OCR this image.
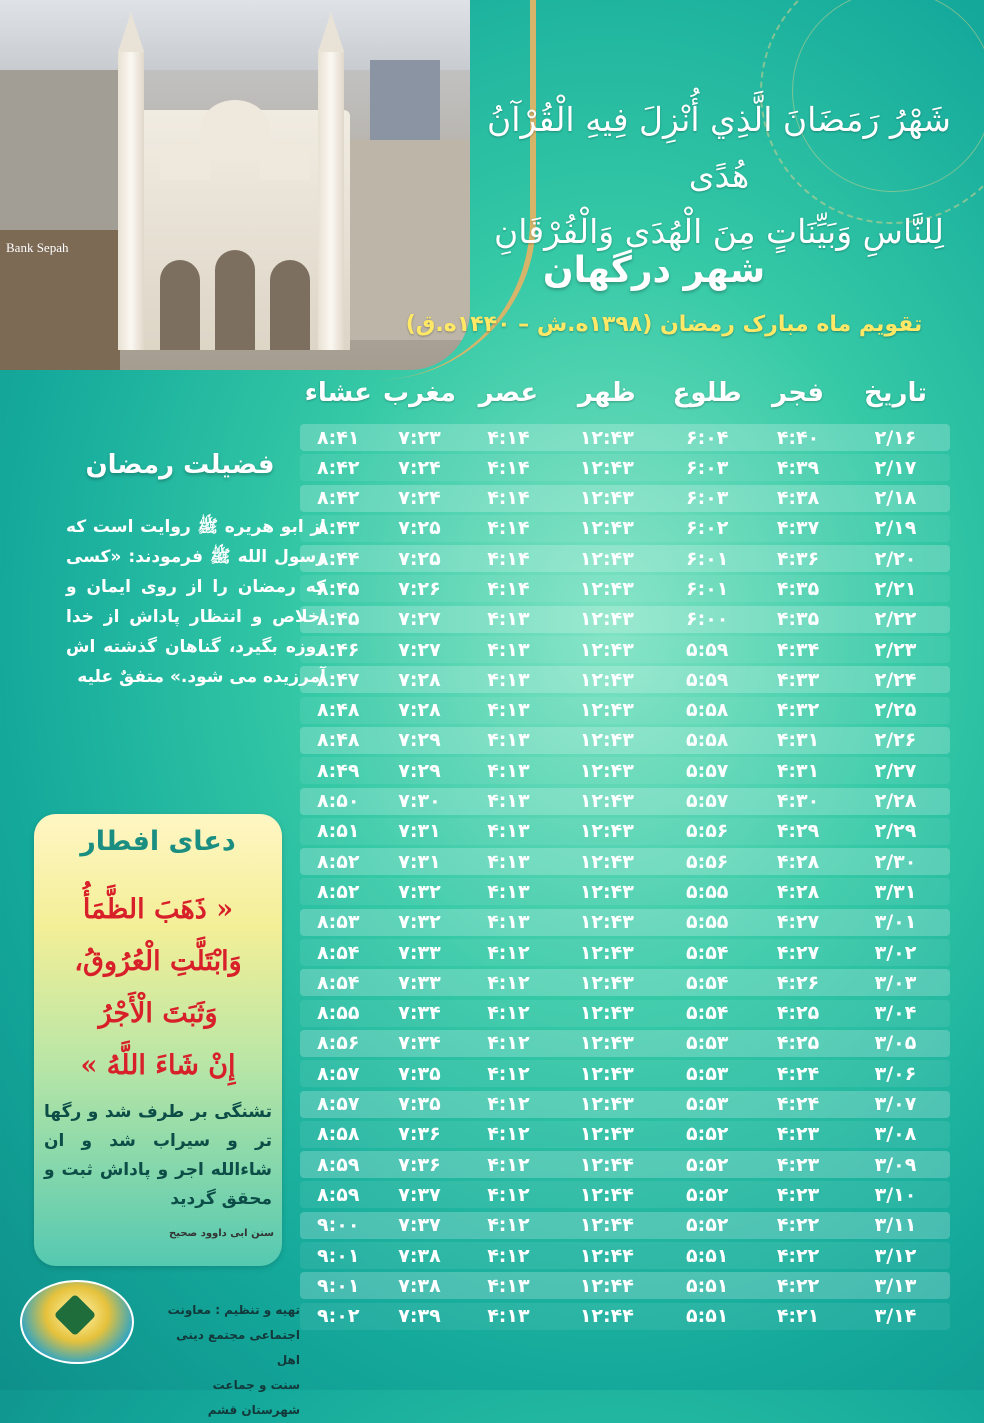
Bank Sepah
شَهْرُ رَمَضَانَ الَّذِي أُنْزِلَ فِيهِ الْقُرْآنُ هُدًى
لِلنَّاسِ وَبَيِّنَاتٍ مِنَ الْهُدَى وَالْفُرْقَانِ
شهر درگهان
تقویم ماه مبارک رمضان (۱۳۹۸ه.ش – ۱۴۴۰ه.ق)
تاریخ
فجر
طلوع
ظهر
عصر
مغرب
عشاء
۲/۱۶
۴:۴۰
۶:۰۴
۱۲:۴۳
۴:۱۴
۷:۲۳
۸:۴۱
۲/۱۷
۴:۳۹
۶:۰۳
۱۲:۴۳
۴:۱۴
۷:۲۴
۸:۴۲
۲/۱۸
۴:۳۸
۶:۰۳
۱۲:۴۳
۴:۱۴
۷:۲۴
۸:۴۲
۲/۱۹
۴:۳۷
۶:۰۲
۱۲:۴۳
۴:۱۴
۷:۲۵
۸:۴۳
۲/۲۰
۴:۳۶
۶:۰۱
۱۲:۴۳
۴:۱۴
۷:۲۵
۸:۴۴
۲/۲۱
۴:۳۵
۶:۰۱
۱۲:۴۳
۴:۱۴
۷:۲۶
۸:۴۵
۲/۲۲
۴:۳۵
۶:۰۰
۱۲:۴۳
۴:۱۳
۷:۲۷
۸:۴۵
۲/۲۳
۴:۳۴
۵:۵۹
۱۲:۴۳
۴:۱۳
۷:۲۷
۸:۴۶
۲/۲۴
۴:۳۳
۵:۵۹
۱۲:۴۳
۴:۱۳
۷:۲۸
۸:۴۷
۲/۲۵
۴:۳۲
۵:۵۸
۱۲:۴۳
۴:۱۳
۷:۲۸
۸:۴۸
۲/۲۶
۴:۳۱
۵:۵۸
۱۲:۴۳
۴:۱۳
۷:۲۹
۸:۴۸
۲/۲۷
۴:۳۱
۵:۵۷
۱۲:۴۳
۴:۱۳
۷:۲۹
۸:۴۹
۲/۲۸
۴:۳۰
۵:۵۷
۱۲:۴۳
۴:۱۳
۷:۳۰
۸:۵۰
۲/۲۹
۴:۲۹
۵:۵۶
۱۲:۴۳
۴:۱۳
۷:۳۱
۸:۵۱
۲/۳۰
۴:۲۸
۵:۵۶
۱۲:۴۳
۴:۱۳
۷:۳۱
۸:۵۲
۳/۳۱
۴:۲۸
۵:۵۵
۱۲:۴۳
۴:۱۳
۷:۳۲
۸:۵۲
۳/۰۱
۴:۲۷
۵:۵۵
۱۲:۴۳
۴:۱۳
۷:۳۲
۸:۵۳
۳/۰۲
۴:۲۷
۵:۵۴
۱۲:۴۳
۴:۱۲
۷:۳۳
۸:۵۴
۳/۰۳
۴:۲۶
۵:۵۴
۱۲:۴۳
۴:۱۲
۷:۳۳
۸:۵۴
۳/۰۴
۴:۲۵
۵:۵۴
۱۲:۴۳
۴:۱۲
۷:۳۴
۸:۵۵
۳/۰۵
۴:۲۵
۵:۵۳
۱۲:۴۳
۴:۱۲
۷:۳۴
۸:۵۶
۳/۰۶
۴:۲۴
۵:۵۳
۱۲:۴۳
۴:۱۲
۷:۳۵
۸:۵۷
۳/۰۷
۴:۲۴
۵:۵۳
۱۲:۴۳
۴:۱۲
۷:۳۵
۸:۵۷
۳/۰۸
۴:۲۳
۵:۵۲
۱۲:۴۳
۴:۱۲
۷:۳۶
۸:۵۸
۳/۰۹
۴:۲۳
۵:۵۲
۱۲:۴۴
۴:۱۲
۷:۳۶
۸:۵۹
۳/۱۰
۴:۲۳
۵:۵۲
۱۲:۴۴
۴:۱۲
۷:۳۷
۸:۵۹
۳/۱۱
۴:۲۲
۵:۵۲
۱۲:۴۴
۴:۱۲
۷:۳۷
۹:۰۰
۳/۱۲
۴:۲۲
۵:۵۱
۱۲:۴۴
۴:۱۲
۷:۳۸
۹:۰۱
۳/۱۳
۴:۲۲
۵:۵۱
۱۲:۴۴
۴:۱۳
۷:۳۸
۹:۰۱
۳/۱۴
۴:۲۱
۵:۵۱
۱۲:۴۴
۴:۱۳
۷:۳۹
۹:۰۲
فضیلت رمضان
از ابو هریره ﷺ روایت است که رسول الله ﷺ فرمودند: «کسی که رمضان را از روی ایمان و اخلاص و انتظار پاداش از خدا روزه بگیرد، گناهان گذشته اش آمرزیده می شود.» متفقٌ علیه
دعای افطار
« ذَهَبَ الظَّمَأُ
وَابْتَلَّتِ الْعُرُوقُ،
وَثَبَتَ الْأَجْرُ
إِنْ شَاءَ اللَّهُ »
تشنگی بر طرف شد و رگها تر و سیراب شد و ان شاءالله اجر و پاداش ثبت و محقق گردید
سنن ابی داوود صحیح
تهیه و تنظیم : معاونت
اجتماعی مجتمع دینی اهل
سنت و جماعت شهرستان قشم
